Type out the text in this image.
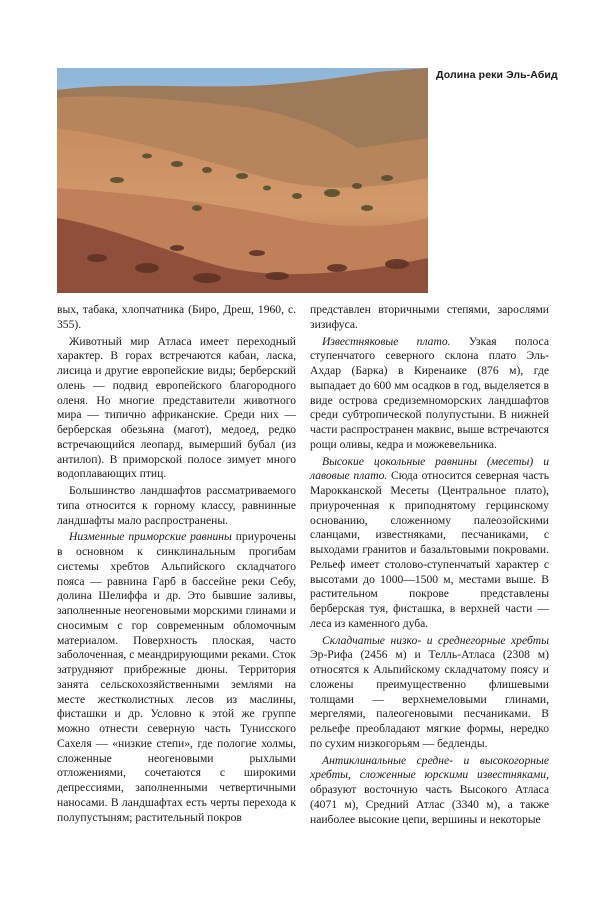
Долина реки Эль-Абид

вых, табака, хлопчатника (Биро, Дреш, 1960, с. 355).

Животный мир Атласа имеет переходный характер. В горах встречаются кабан, ласка, лисица и другие европейские виды; берберский олень — подвид европейского благородного оленя. Но многие представители животного мира — типично африканские. Среди них — берберская обезьяна (магот), медоед, редко встречающийся леопард, вымерший бубал (из антилоп). В приморской полосе зимует много водоплавающих птиц.

Большинство ландшафтов рассматриваемого типа относится к горному классу, равнинные ландшафты мало распространены.

Низменные приморские равнины приурочены в основном к синклинальным прогибам системы хребтов Альпийского складчатого пояса — равнина Гарб в бассейне реки Себу, долина Шелиффа и др. Это бывшие заливы, заполненные неогеновыми морскими глинами и сносимым с гор современным обломочным материалом. Поверхность плоская, часто заболоченная, с меандрирующими реками. Сток затрудняют прибрежные дюны. Территория занята сельскохозяйственными землями на месте жестколистных лесов из маслины, фисташки и др. Условно к этой же группе можно отнести северную часть Тунисского Сахеля — «низкие степи», где пологие холмы, сложенные неогеновыми рыхлыми отложениями, сочетаются с широкими депрессиями, заполненными четвертичными наносами. В ландшафтах есть черты перехода к полупустыням; растительный покров

представлен вторичными степями, зарослями зизифуса.

Известняковые плато. Узкая полоса ступенчатого северного склона плато Эль-Ахдар (Барка) в Киренаике (876 м), где выпадает до 600 мм осадков в год, выделяется в виде острова средиземноморских ландшафтов среди субтропической полупустыни. В нижней части распространен маквис, выше встречаются рощи оливы, кедра и можжевельника.

Высокие цокольные равнины (месеты) и лавовые плато. Сюда относится северная часть Марокканской Месеты (Центральное плато), приуроченная к приподнятому герцинскому основанию, сложенному палеозойскими сланцами, известняками, песчаниками, с выходами гранитов и базальтовыми покровами. Рельеф имеет столово-ступенчатый характер с высотами до 1000—1500 м, местами выше. В растительном покрове представлены берберская туя, фисташка, в верхней части — леса из каменного дуба.

Складчатые низко- и среднегорные хребты Эр-Рифа (2456 м) и Телль-Атласа (2308 м) относятся к Альпийскому складчатому поясу и сложены преимущественно флишевыми толщами — верхнемеловыми глинами, мергелями, палеогеновыми песчаниками. В рельефе преобладают мягкие формы, нередко по сухим низкогорьям — бедленды.

Антиклинальные средне- и высокогорные хребты, сложенные юрскими известняками, образуют восточную часть Высокого Атласа (4071 м), Средний Атлас (3340 м), а также наиболее высокие цепи, вершины и некоторые
